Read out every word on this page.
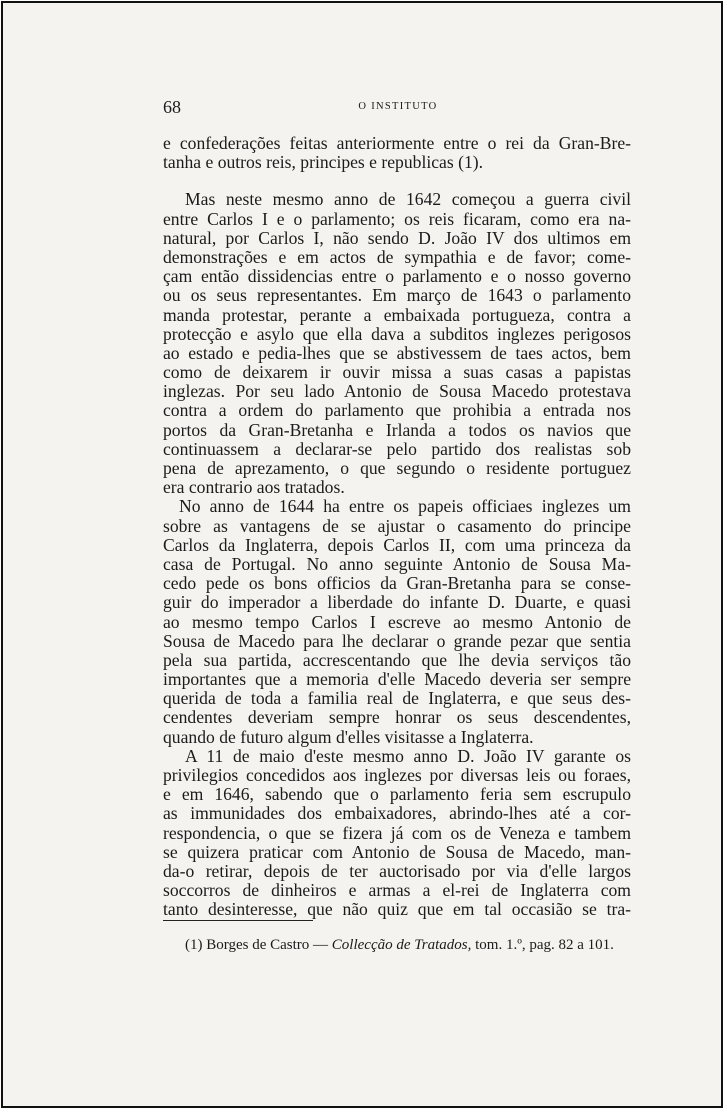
68	O INSTITUTO
e confederações feitas anteriormente entre o rei da Gran-Bre-
tanha e outros reis, principes e republicas (1).
Mas neste mesmo anno de 1642 começou a guerra civil
entre Carlos I e o parlamento; os reis ficaram, como era na-
natural, por Carlos I, não sendo D. João IV dos ultimos em
demonstrações e em actos de sympathia e de favor; come-
çam então dissidencias entre o parlamento e o nosso governo
ou os seus representantes. Em março de 1643 o parlamento
manda protestar, perante a embaixada portugueza, contra a
protecção e asylo que ella dava a subditos inglezes perigosos
ao estado e pedia-lhes que se abstivessem de taes actos, bem
como de deixarem ir ouvir missa a suas casas a papistas
inglezas. Por seu lado Antonio de Sousa Macedo protestava
contra a ordem do parlamento que prohibia a entrada nos
portos da Gran-Bretanha e Irlanda a todos os navios que
continuassem a declarar-se pelo partido dos realistas sob
pena de aprezamento, o que segundo o residente portuguez
era contrario aos tratados.
No anno de 1644 ha entre os papeis officiaes inglezes um
sobre as vantagens de se ajustar o casamento do principe
Carlos da Inglaterra, depois Carlos II, com uma princeza da
casa de Portugal. No anno seguinte Antonio de Sousa Ma-
cedo pede os bons officios da Gran-Bretanha para se conse-
guir do imperador a liberdade do infante D. Duarte, e quasi
ao mesmo tempo Carlos I escreve ao mesmo Antonio de
Sousa de Macedo para lhe declarar o grande pezar que sentia
pela sua partida, accrescentando que lhe devia serviços tão
importantes que a memoria d'elle Macedo deveria ser sempre
querida de toda a familia real de Inglaterra, e que seus des-
cendentes deveriam sempre honrar os seus descendentes,
quando de futuro algum d'elles visitasse a Inglaterra.
A 11 de maio d'este mesmo anno D. João IV garante os
privilegios concedidos aos inglezes por diversas leis ou foraes,
e em 1646, sabendo que o parlamento feria sem escrupulo
as immunidades dos embaixadores, abrindo-lhes até a cor-
respondencia, o que se fizera já com os de Veneza e tambem
se quizera praticar com Antonio de Sousa de Macedo, man-
da-o retirar, depois de ter auctorisado por via d'elle largos
soccorros de dinheiros e armas a el-rei de Inglaterra com
tanto desinteresse, que não quiz que em tal occasião se tra-
(1) Borges de Castro — Collecção de Tratados, tom. 1.º, pag. 82 a 101.
